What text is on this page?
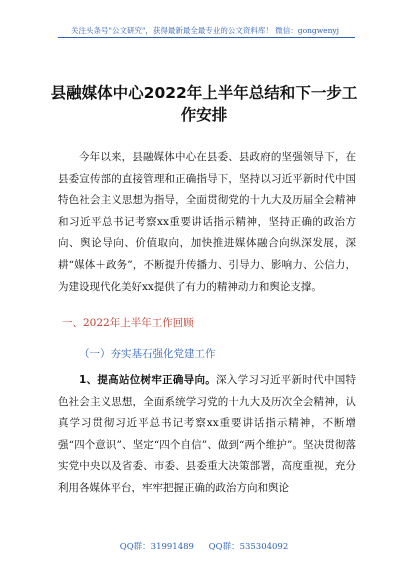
关注头条号"公文研究"，获得最新最全最专业的公文资料库！ 微信：gongwenyj
县融媒体中心2022年上半年总结和下一步工
作安排
今年以来，县融媒体中心在县委、县政府的坚强领导下，在县委宣传部的直接管理和正确指导下，坚持以习近平新时代中国特色社会主义思想为指导，全面贯彻党的十九大及历届全会精神和习近平总书记考察xx重要讲话指示精神，坚持正确的政治方向、舆论导向、价值取向，加快推进媒体融合向纵深发展，深耕“媒体＋政务”，不断提升传播力、引导力、影响力、公信力，为建设现代化美好xx提供了有力的精神动力和舆论支撑。
一、2022年上半年工作回顾
（一）夯实基石强化党建工作
1、提高站位树牢正确导向。深入学习习近平新时代中国特色社会主义思想，全面系统学习党的十九大及历次全会精神，认真学习贯彻习近平总书记考察xx重要讲话指示精神，不断增强“四个意识”、坚定“四个自信”、做到“两个维护”。坚决贯彻落实党中央以及省委、市委、县委重大决策部署，高度重视，充分利用各媒体平台，牢牢把握正确的政治方向和舆论
QQ群：31991489 QQ群：535304092
